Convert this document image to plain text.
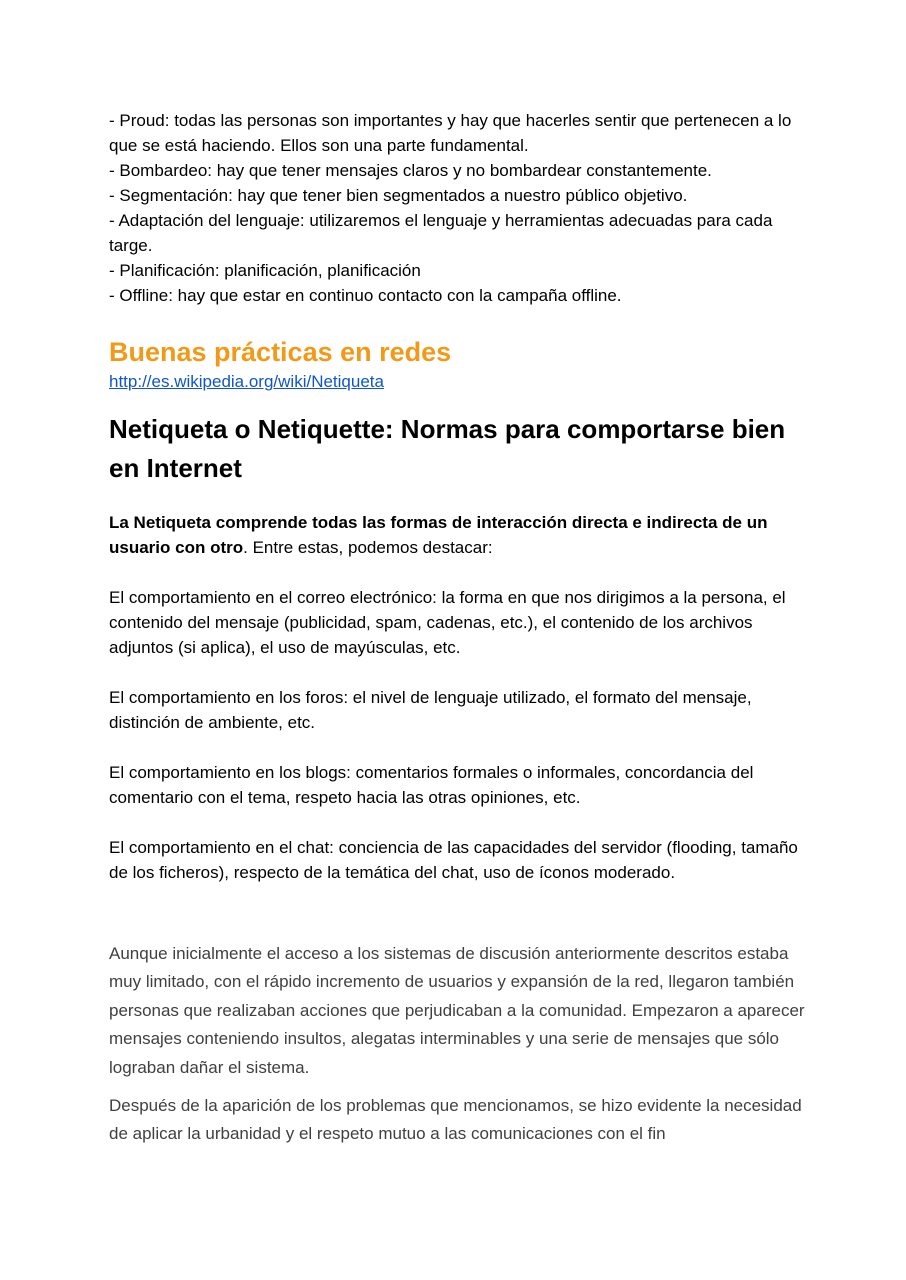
- Proud: todas las personas son importantes y hay que hacerles sentir que pertenecen a lo que se está haciendo. Ellos son una parte fundamental.
- Bombardeo: hay que tener mensajes claros y no bombardear constantemente.
- Segmentación: hay que tener bien segmentados a nuestro público objetivo.
- Adaptación del lenguaje: utilizaremos el lenguaje y herramientas adecuadas para cada targe.
- Planificación: planificación, planificación
- Offline: hay que estar en continuo contacto con la campaña offline.
Buenas prácticas en redes
http://es.wikipedia.org/wiki/Netiqueta
Netiqueta o Netiquette: Normas para comportarse bien en Internet

La Netiqueta comprende todas las formas de interacción directa e indirecta de un usuario con otro. Entre estas, podemos destacar:

El comportamiento en el correo electrónico: la forma en que nos dirigimos a la persona, el contenido del mensaje (publicidad, spam, cadenas, etc.), el contenido de los archivos adjuntos (si aplica), el uso de mayúsculas, etc.

El comportamiento en los foros: el nivel de lenguaje utilizado, el formato del mensaje, distinción de ambiente, etc.

El comportamiento en los blogs: comentarios formales o informales, concordancia del comentario con el tema, respeto hacia las otras opiniones, etc.

El comportamiento en el chat: conciencia de las capacidades del servidor (flooding, tamaño de los ficheros), respecto de la temática del chat, uso de íconos moderado.

Aunque inicialmente el acceso a los sistemas de discusión anteriormente descritos estaba muy limitado, con el rápido incremento de usuarios y expansión de la red, llegaron también personas que realizaban acciones que perjudicaban a la comunidad. Empezaron a aparecer mensajes conteniendo insultos, alegatas interminables y una serie de mensajes que sólo lograban dañar el sistema.

Después de la aparición de los problemas que mencionamos, se hizo evidente la necesidad de aplicar la urbanidad y el respeto mutuo a las comunicaciones con el fin
